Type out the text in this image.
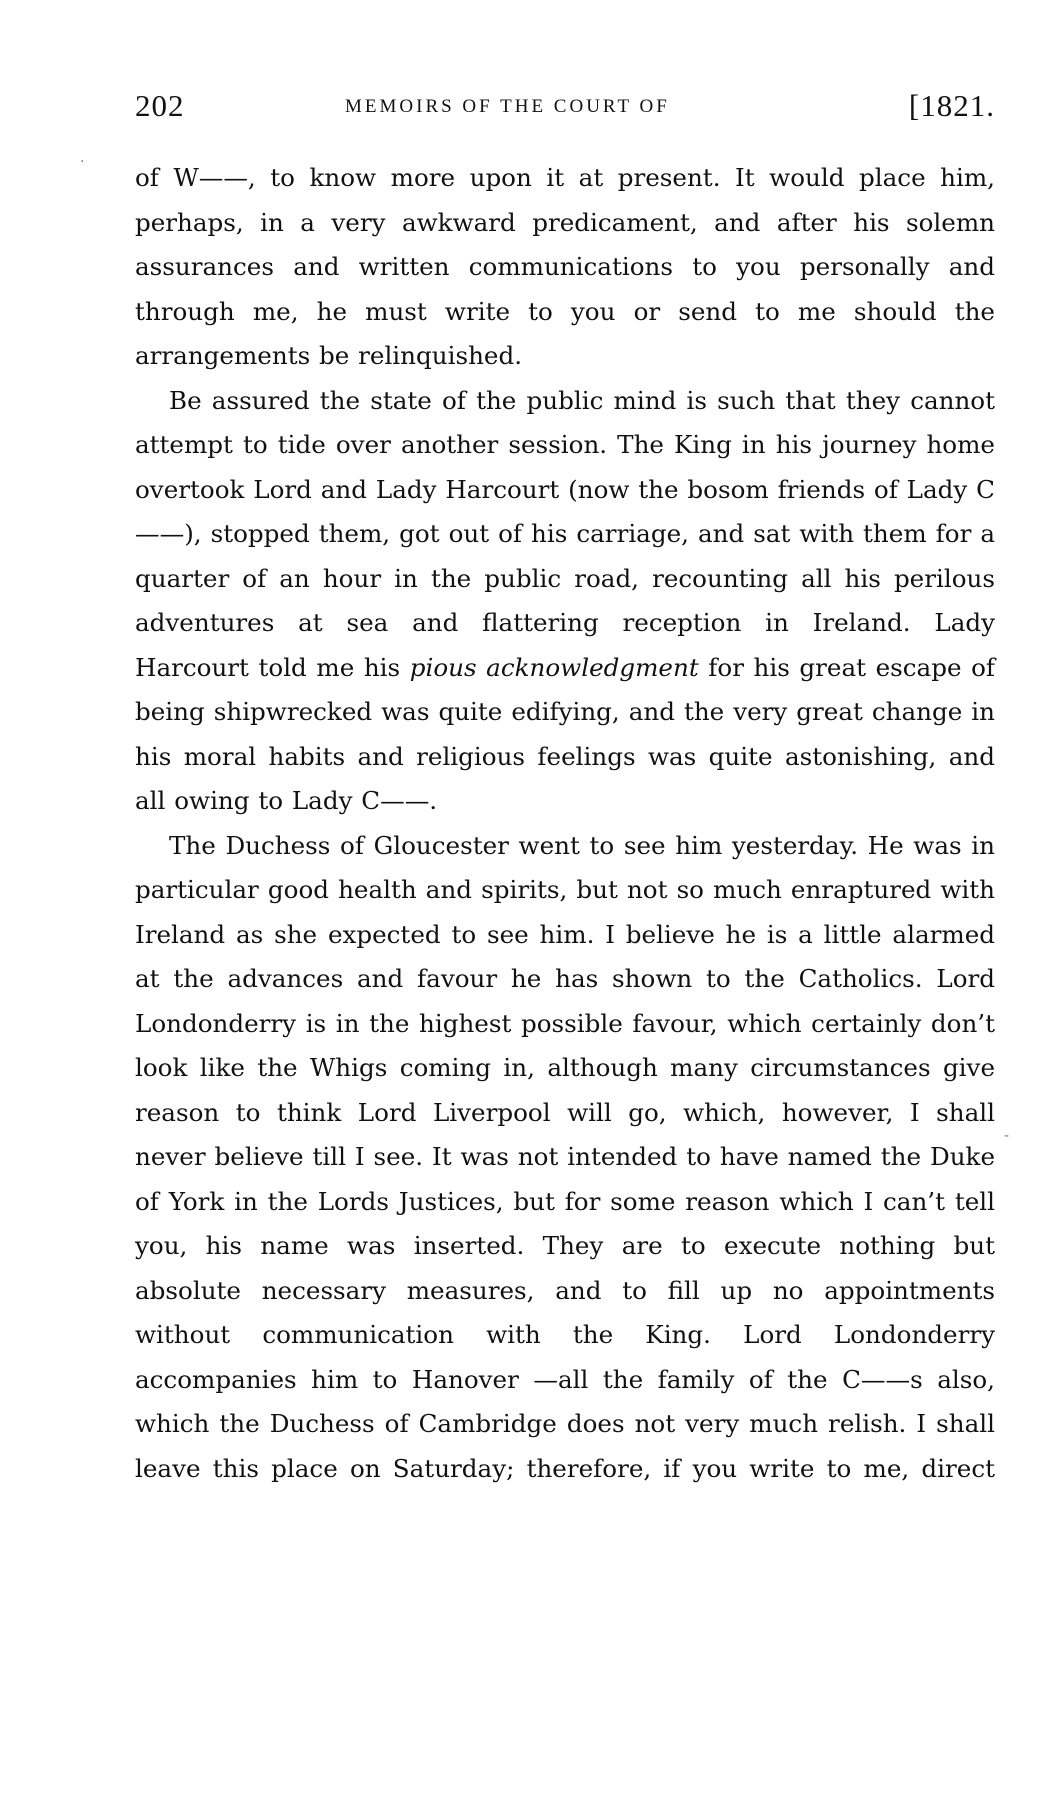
202	MEMOIRS OF THE COURT OF	[1821.
.
-

of W——, to know more upon it at present. It would place him, perhaps, in a very awkward predicament, and after his solemn assurances and written communications to you personally and through me, he must write to you or send to me should the arrangements be relinquished.

Be assured the state of the public mind is such that they cannot attempt to tide over another session. The King in his journey home overtook Lord and Lady Harcourt (now the bosom friends of Lady C——), stopped them, got out of his carriage, and sat with them for a quarter of an hour in the public road, recounting all his perilous adventures at sea and flattering reception in Ireland. Lady Harcourt told me his pious acknowledgment for his great escape of being shipwrecked was quite edifying, and the very great change in his moral habits and religious feelings was quite astonishing, and all owing to Lady C——.

The Duchess of Gloucester went to see him yesterday. He was in particular good health and spirits, but not so much enraptured with Ireland as she expected to see him. I believe he is a little alarmed at the advances and favour he has shown to the Catholics. Lord Londonderry is in the highest possible favour, which certainly don’t look like the Whigs coming in, although many circumstances give reason to think Lord Liverpool will go, which, however, I shall never believe till I see. It was not intended to have named the Duke of York in the Lords Justices, but for some reason which I can’t tell you, his name was inserted. They are to execute nothing but absolute necessary measures, and to fill up no appointments without communication with the King. Lord Londonderry accompanies him to Hanover —all the family of the C——s also, which the Duchess of Cambridge does not very much relish. I shall leave this place on Saturday; therefore, if you write to me, direct
